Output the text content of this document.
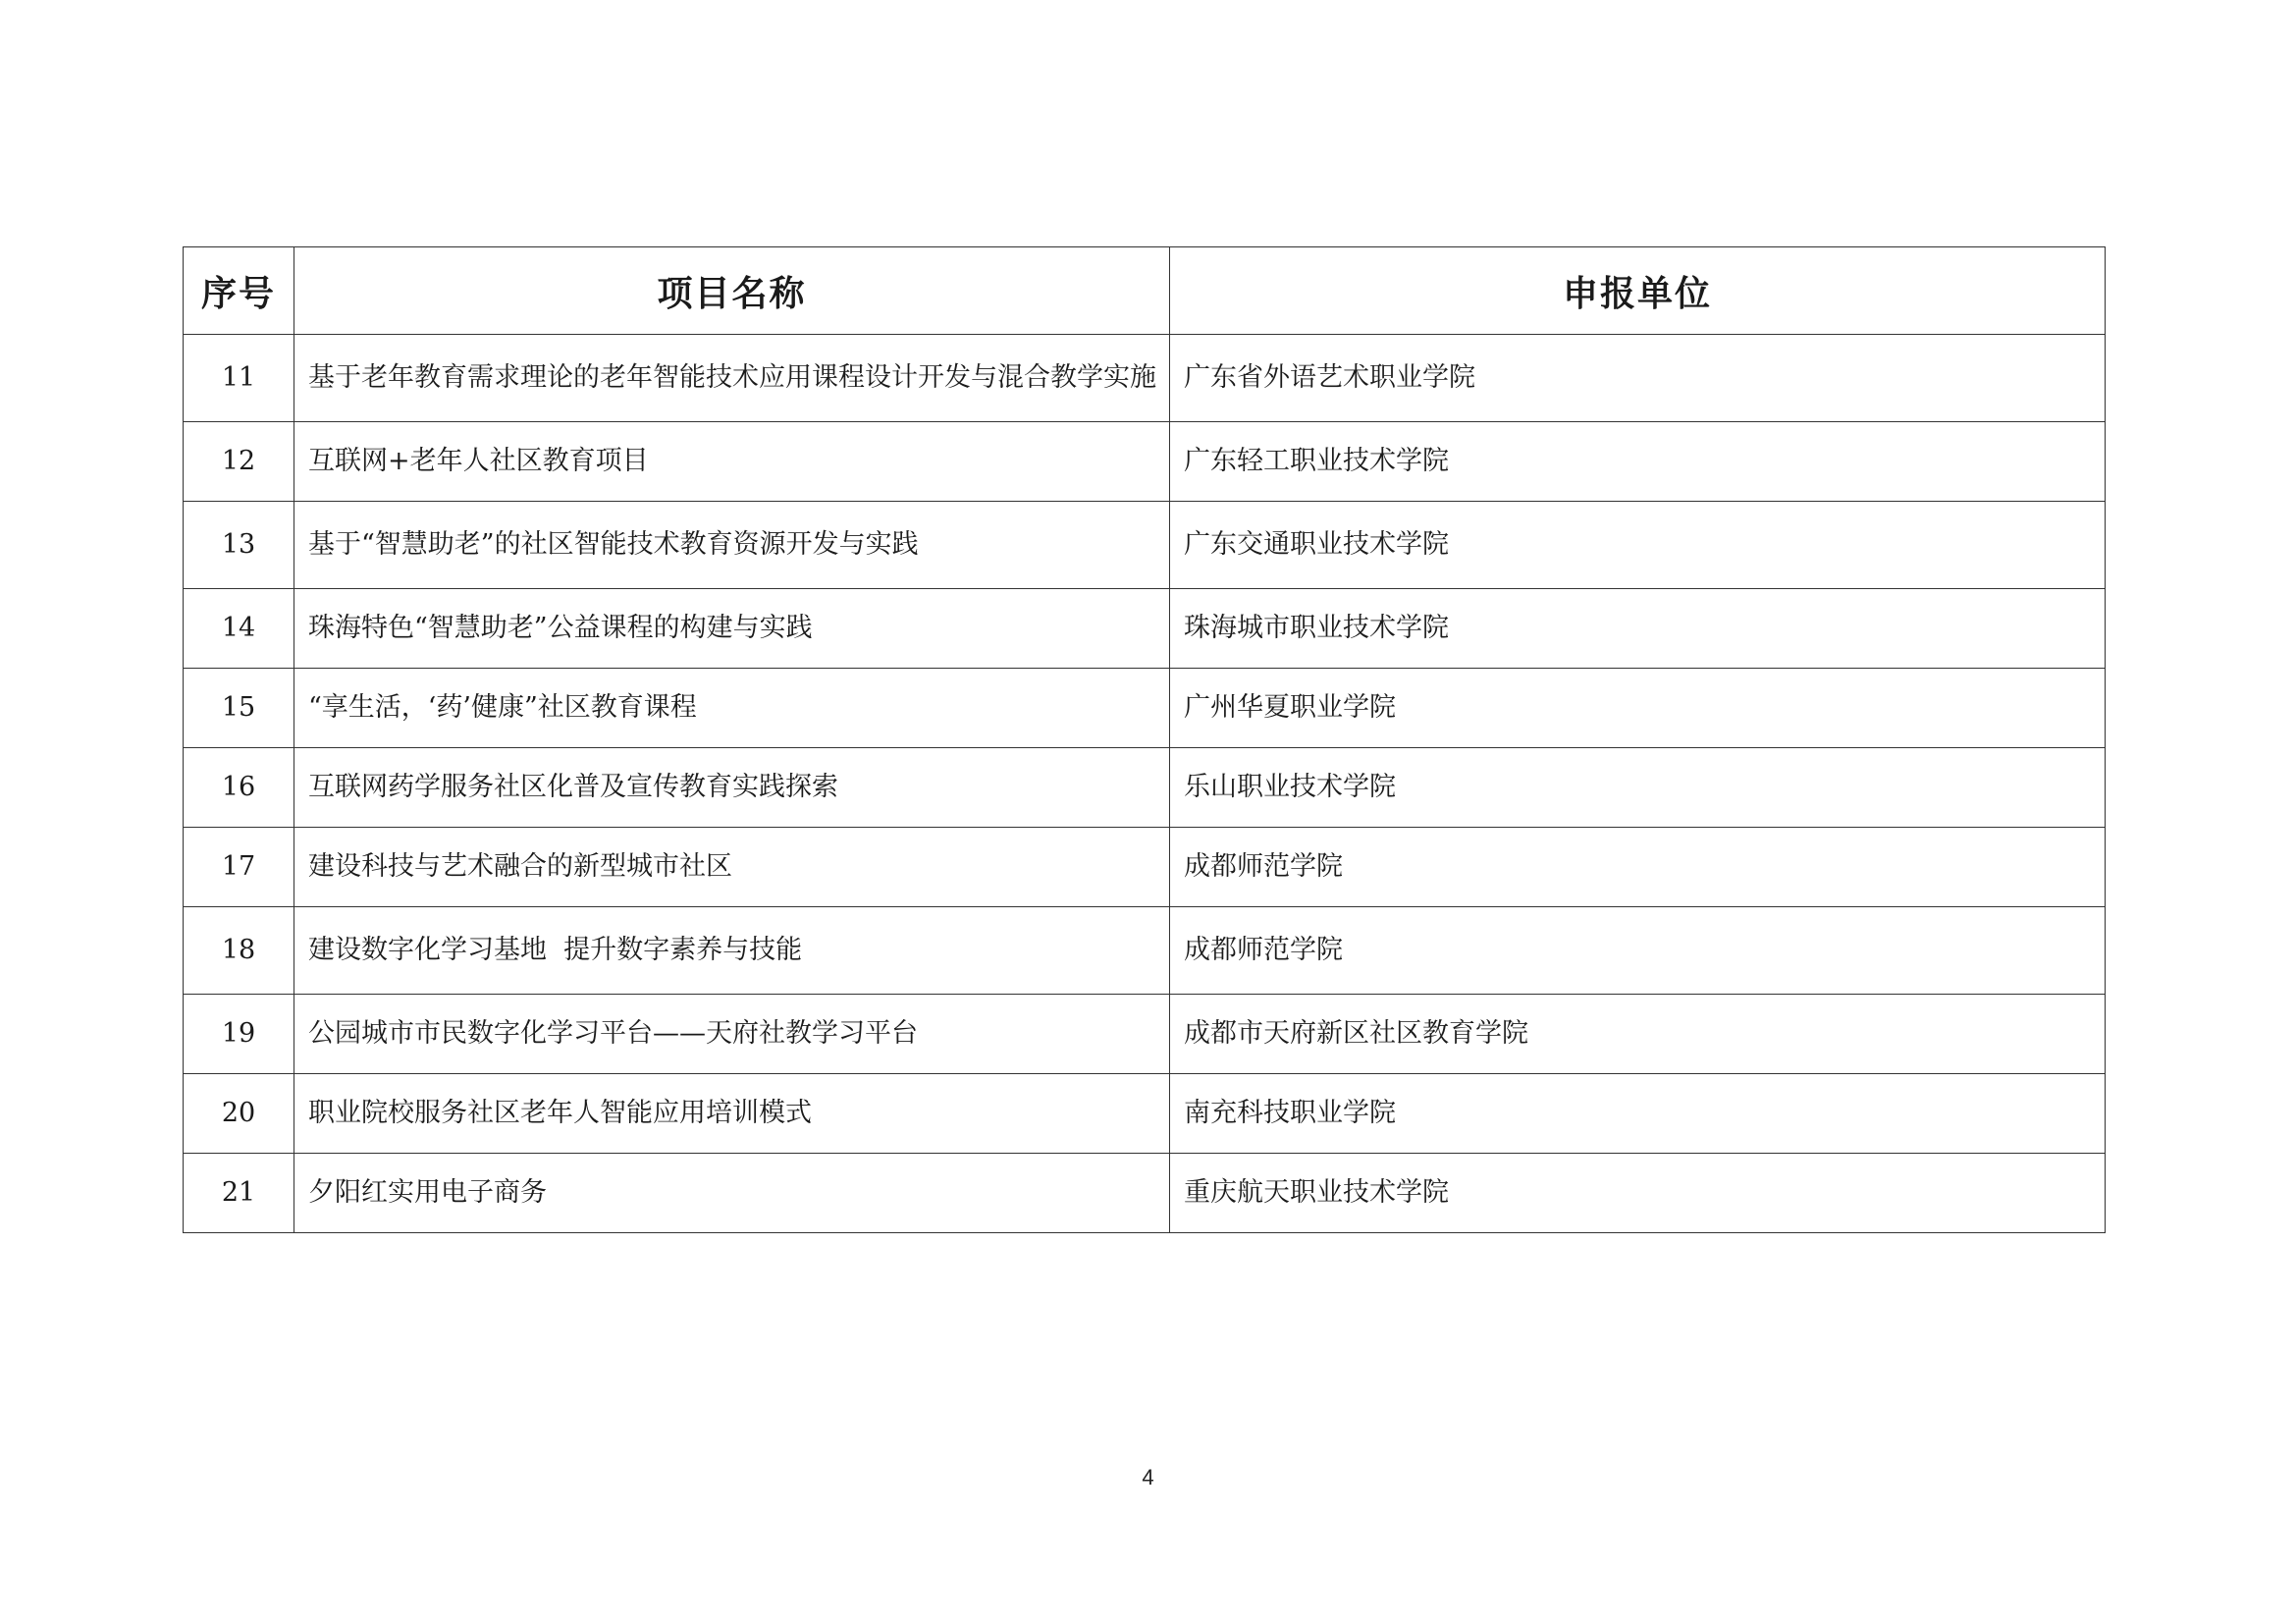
序号	项目名称	申报单位
11	基于老年教育需求理论的老年智能技术应用课程设计开发与混合教学实施	广东省外语艺术职业学院
12	互联网+老年人社区教育项目	广东轻工职业技术学院
13	基于“智慧助老”的社区智能技术教育资源开发与实践	广东交通职业技术学院
14	珠海特色“智慧助老”公益课程的构建与实践	珠海城市职业技术学院
15	“享生活，‘药’健康”社区教育课程	广州华夏职业学院
16	互联网药学服务社区化普及宣传教育实践探索	乐山职业技术学院
17	建设科技与艺术融合的新型城市社区	成都师范学院
18	建设数字化学习基地  提升数字素养与技能	成都师范学院
19	公园城市市民数字化学习平台——天府社教学习平台	成都市天府新区社区教育学院
20	职业院校服务社区老年人智能应用培训模式	南充科技职业学院
21	夕阳红实用电子商务	重庆航天职业技术学院
4
